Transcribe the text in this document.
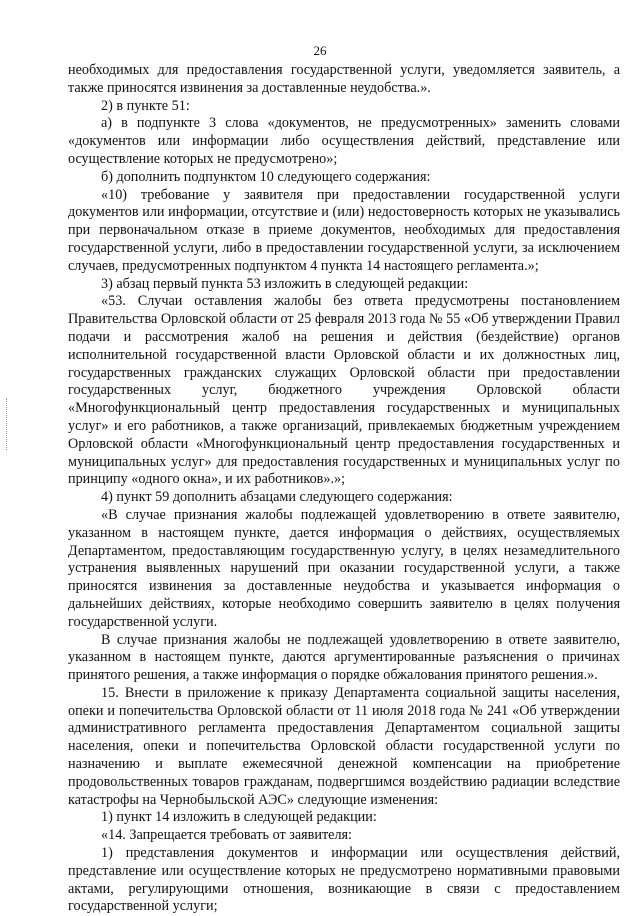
26

необходимых для предоставления государственной услуги, уведомляется заявитель, а также приносятся извинения за доставленные неудобства.».

2) в пункте 51:

а) в подпункте 3 слова «документов, не предусмотренных» заменить словами «документов или информации либо осуществления действий, представление или осуществление которых не предусмотрено»;

б) дополнить подпунктом 10 следующего содержания:

«10) требование у заявителя при предоставлении государственной услуги документов или информации, отсутствие и (или) недостоверность которых не указывались при первоначальном отказе в приеме документов, необходимых для предоставления государственной услуги, либо в предоставлении государственной услуги, за исключением случаев, предусмотренных подпунктом 4 пункта 14 настоящего регламента.»;

3) абзац первый пункта 53 изложить в следующей редакции:

«53. Случаи оставления жалобы без ответа предусмотрены постановлением Правительства Орловской области от 25 февраля 2013 года № 55 «Об утверждении Правил подачи и рассмотрения жалоб на решения и действия (бездействие) органов исполнительной государственной власти Орловской области и их должностных лиц, государственных гражданских служащих Орловской области при предоставлении государственных услуг, бюджетного учреждения Орловской области «Многофункциональный центр предоставления государственных и муниципальных услуг» и его работников, а также организаций, привлекаемых бюджетным учреждением Орловской области «Многофункциональный центр предоставления государственных и муниципальных услуг» для предоставления государственных и муниципальных услуг по принципу «одного окна», и их работников».»;

4) пункт 59 дополнить абзацами следующего содержания:

«В случае признания жалобы подлежащей удовлетворению в ответе заявителю, указанном в настоящем пункте, дается информация о действиях, осуществляемых Департаментом, предоставляющим государственную услугу, в целях незамедлительного устранения выявленных нарушений при оказании государственной услуги, а также приносятся извинения за доставленные неудобства и указывается информация о дальнейших действиях, которые необходимо совершить заявителю в целях получения государственной услуги.

В случае признания жалобы не подлежащей удовлетворению в ответе заявителю, указанном в настоящем пункте, даются аргументированные разъяснения о причинах принятого решения, а также информация о порядке обжалования принятого решения.».

15. Внести в приложение к приказу Департамента социальной защиты населения, опеки и попечительства Орловской области от 11 июля 2018 года № 241 «Об утверждении административного регламента предоставления Департаментом социальной защиты населения, опеки и попечительства Орловской области государственной услуги по назначению и выплате ежемесячной денежной компенсации на приобретение продовольственных товаров гражданам, подвергшимся воздействию радиации вследствие катастрофы на Чернобыльской АЭС» следующие изменения:

1) пункт 14 изложить в следующей редакции:

«14. Запрещается требовать от заявителя:

1) представления документов и информации или осуществления действий, представление или осуществление которых не предусмотрено нормативными правовыми актами, регулирующими отношения, возникающие в связи с предоставлением государственной услуги;
